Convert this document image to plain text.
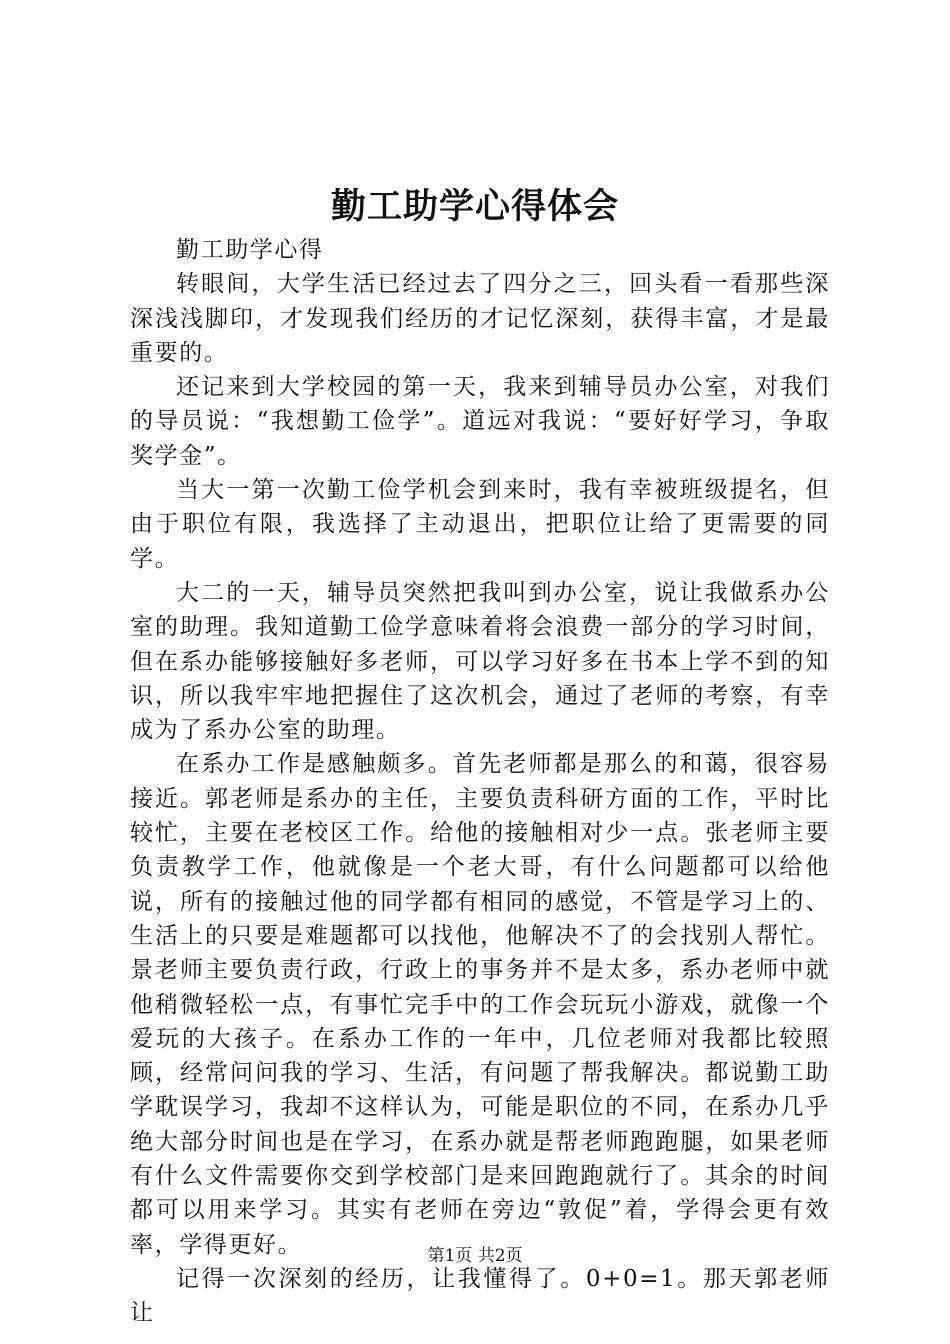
勤工助学心得体会

勤工助学心得

转眼间，大学生活已经过去了四分之三，回头看一看那些深深浅浅脚印，才发现我们经历的才记忆深刻，获得丰富，才是最重要的。

还记来到大学校园的第一天，我来到辅导员办公室，对我们的导员说：“我想勤工俭学”。道远对我说：“要好好学习，争取奖学金”。

当大一第一次勤工俭学机会到来时，我有幸被班级提名，但由于职位有限，我选择了主动退出，把职位让给了更需要的同学。

大二的一天，辅导员突然把我叫到办公室，说让我做系办公室的助理。我知道勤工俭学意味着将会浪费一部分的学习时间，但在系办能够接触好多老师，可以学习好多在书本上学不到的知识，所以我牢牢地把握住了这次机会，通过了老师的考察，有幸成为了系办公室的助理。

在系办工作是感触颇多。首先老师都是那么的和蔼，很容易接近。郭老师是系办的主任，主要负责科研方面的工作，平时比较忙，主要在老校区工作。给他的接触相对少一点。张老师主要负责教学工作，他就像是一个老大哥，有什么问题都可以给他说，所有的接触过他的同学都有相同的感觉，不管是学习上的、生活上的只要是难题都可以找他，他解决不了的会找别人帮忙。景老师主要负责行政，行政上的事务并不是太多，系办老师中就他稍微轻松一点，有事忙完手中的工作会玩玩小游戏，就像一个爱玩的大孩子。在系办工作的一年中，几位老师对我都比较照顾，经常问问我的学习、生活，有问题了帮我解决。都说勤工助学耽误学习，我却不这样认为，可能是职位的不同，在系办几乎绝大部分时间也是在学习，在系办就是帮老师跑跑腿，如果老师有什么文件需要你交到学校部门是来回跑跑就行了。其余的时间都可以用来学习。其实有老师在旁边“敦促”着，学得会更有效率，学得更好。

记得一次深刻的经历，让我懂得了。0+0=1。那天郭老师让

第1页 共2页
